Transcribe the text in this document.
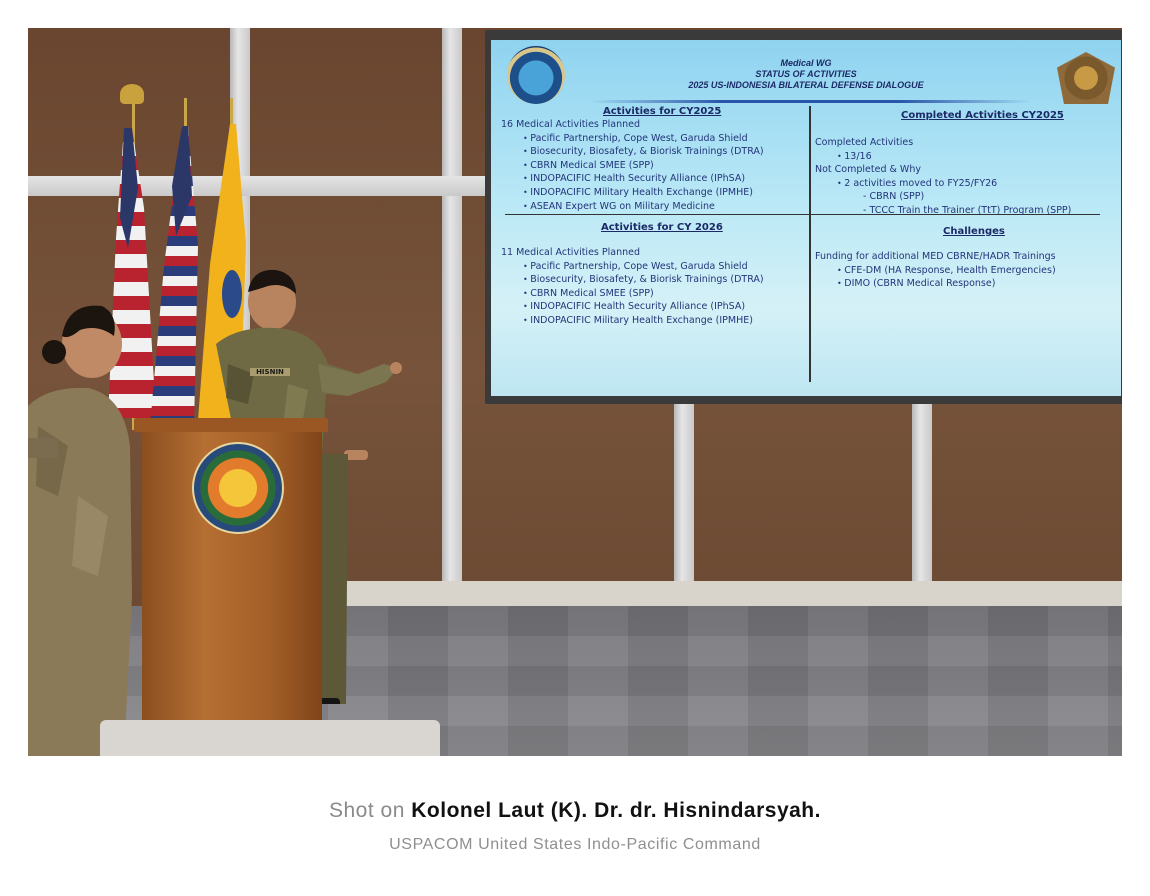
Medical WG
STATUS OF ACTIVITIES
2025 US-INDONESIA BILATERAL DEFENSE DIALOGUE
Activities for CY2025
16 Medical Activities Planned
• Pacific Partnership, Cope West, Garuda Shield
• Biosecurity, Biosafety, & Biorisk Trainings (DTRA)
• CBRN Medical SMEE (SPP)
• INDOPACIFIC Health Security Alliance (IPhSA)
• INDOPACIFIC Military Health Exchange (IPMHE)
• ASEAN Expert WG on Military Medicine
Completed Activities CY2025
Completed Activities
• 13/16
Not Completed & Why
• 2 activities moved to FY25/FY26
- CBRN (SPP)
- TCCC Train the Trainer (TtT) Program (SPP)
Activities for CY 2026
11 Medical Activities Planned
• Pacific Partnership, Cope West, Garuda Shield
• Biosecurity, Biosafety, & Biorisk Trainings (DTRA)
• CBRN Medical SMEE (SPP)
• INDOPACIFIC Health Security Alliance (IPhSA)
• INDOPACIFIC Military Health Exchange (IPMHE)
Challenges
Funding for additional MED CBRNE/HADR Trainings
• CFE-DM (HA Response, Health Emergencies)
• DIMO (CBRN Medical Response)
HISNIN
Shot on Kolonel Laut (K). Dr. dr. Hisnindarsyah.
USPACOM United States Indo-Pacific Command
